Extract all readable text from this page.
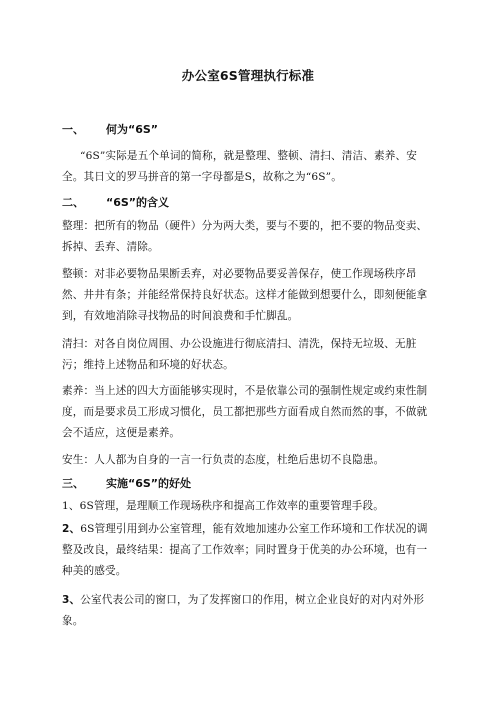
办公室6S管理执行标准
一、 何为“6S”
“6S”实际是五个单词的简称，就是整理、整顿、清扫、清洁、素养、安全。其日文的罗马拼音的第一字母都是S，故称之为“6S”。
二、 “6S”的含义
整理：把所有的物品（硬件）分为两大类，要与不要的，把不要的物品变卖、拆掉、丢弃、清除。
整顿：对非必要物品果断丢弃，对必要物品要妥善保存，使工作现场秩序昂然、井井有条；并能经常保持良好状态。这样才能做到想要什么，即刻便能拿到，有效地消除寻找物品的时间浪费和手忙脚乱。
清扫：对各自岗位周围、办公设施进行彻底清扫、清洗，保持无垃圾、无脏污；维持上述物品和环境的好状态。
素养：当上述的四大方面能够实现时，不是依靠公司的强制性规定或约束性制度，而是要求员工形成习惯化，员工都把那些方面看成自然而然的事，不做就会不适应，这便是素养。
安生：人人都为自身的一言一行负责的态度，杜绝后患切不良隐患。
三、 实施“6S”的好处
1、6S管理，是理顺工作现场秩序和提高工作效率的重要管理手段。
2、6S管理引用到办公室管理，能有效地加速办公室工作环境和工作状况的调整及改良，最终结果：提高了工作效率；同时置身于优美的办公环境，也有一种美的感受。
3、公室代表公司的窗口，为了发挥窗口的作用，树立企业良好的对内对外形象。
